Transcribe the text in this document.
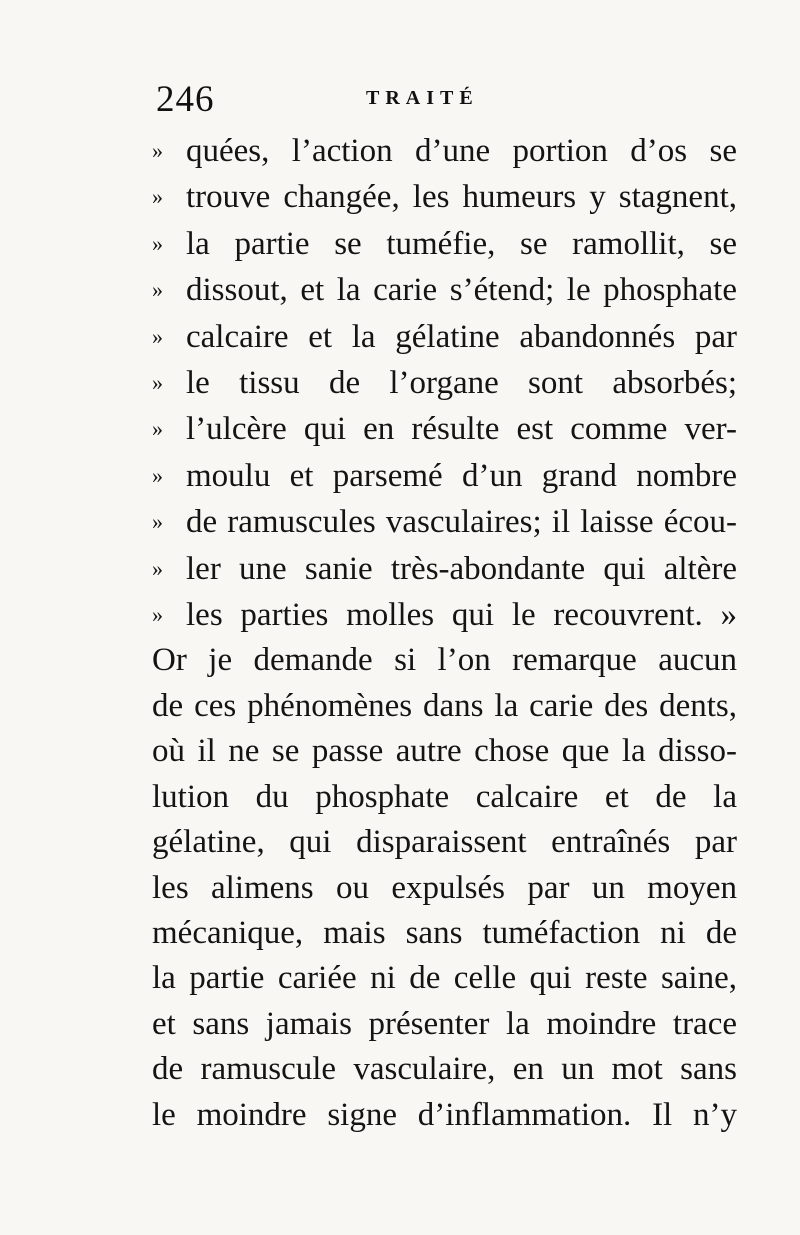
246	TRAITÉ
» quées, l’action d’une portion d’os se
» trouve changée, les humeurs y stagnent,
» la partie se tuméfie, se ramollit, se
» dissout, et la carie s’étend; le phosphate
» calcaire et la gélatine abandonnés par
» le tissu de l’organe sont absorbés;
» l’ulcère qui en résulte est comme ver-
» moulu et parsemé d’un grand nombre
» de ramuscules vasculaires; il laisse écou-
» ler une sanie très-abondante qui altère
» les parties molles qui le recouvrent. »
Or je demande si l’on remarque aucun
de ces phénomènes dans la carie des dents,
où il ne se passe autre chose que la disso-
lution du phosphate calcaire et de la
gélatine, qui disparaissent entraînés par
les alimens ou expulsés par un moyen
mécanique, mais sans tuméfaction ni de
la partie cariée ni de celle qui reste saine,
et sans jamais présenter la moindre trace
de ramuscule vasculaire, en un mot sans
le moindre signe d’inflammation. Il n’y
